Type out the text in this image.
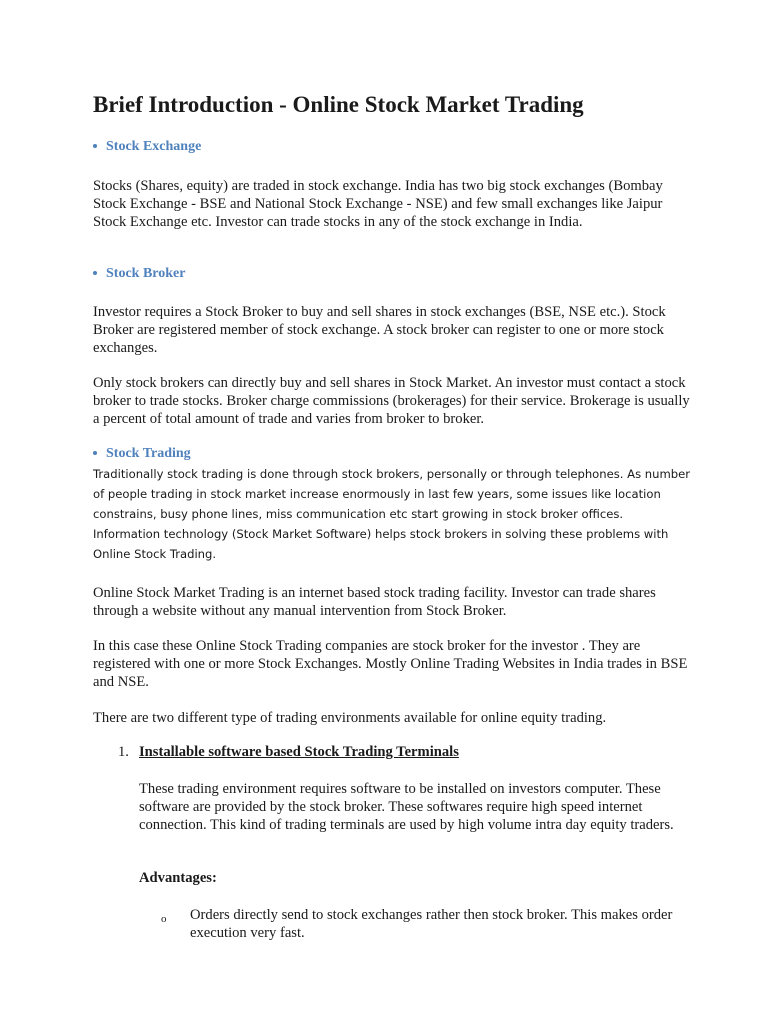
Brief Introduction - Online Stock Market Trading
Stock Exchange

Stocks (Shares, equity) are traded in stock exchange. India has two big stock exchanges (Bombay Stock Exchange - BSE and National Stock Exchange - NSE) and few small exchanges like Jaipur Stock Exchange etc. Investor can trade stocks in any of the stock exchange in India.

Stock Broker

Investor requires a Stock Broker to buy and sell shares in stock exchanges (BSE, NSE etc.). Stock Broker are registered member of stock exchange. A stock broker can register to one or more stock exchanges.

Only stock brokers can directly buy and sell shares in Stock Market. An investor must contact a stock broker to trade stocks. Broker charge commissions (brokerages) for their service. Brokerage is usually a percent of total amount of trade and varies from broker to broker.

Stock Trading

Traditionally stock trading is done through stock brokers, personally or through telephones. As number of people trading in stock market increase enormously in last few years, some issues like location constrains, busy phone lines, miss communication etc start growing in stock broker offices. Information technology (Stock Market Software) helps stock brokers in solving these problems with Online Stock Trading.

Online Stock Market Trading is an internet based stock trading facility. Investor can trade shares through a website without any manual intervention from Stock Broker.

In this case these Online Stock Trading companies are stock broker for the investor . They are registered with one or more Stock Exchanges. Mostly Online Trading Websites in India trades in BSE and NSE.

There are two different type of trading environments available for online equity trading.

1. Installable software based Stock Trading Terminals

These trading environment requires software to be installed on investors computer. These software are provided by the stock broker. These softwares require high speed internet connection. This kind of trading terminals are used by high volume intra day equity traders.

Advantages:
o Orders directly send to stock exchanges rather then stock broker. This makes order execution very fast.
